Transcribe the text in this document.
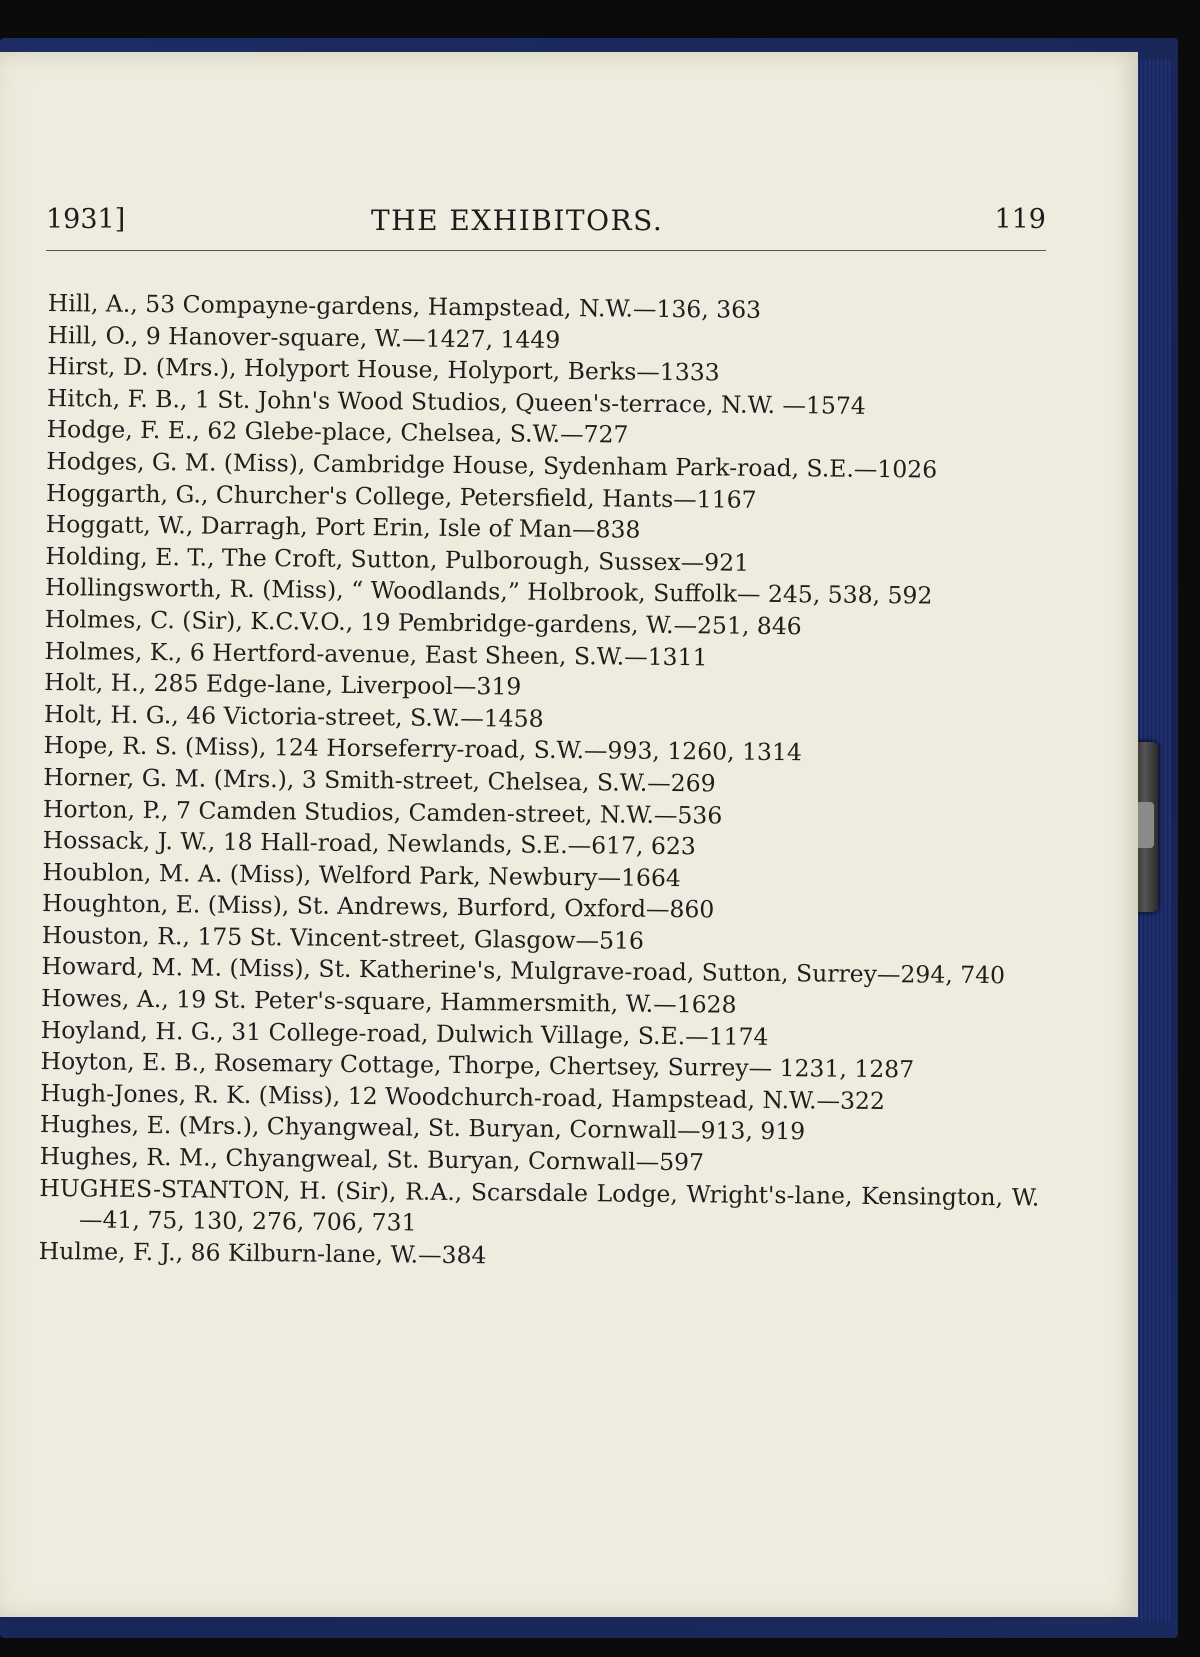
1931]	THE EXHIBITORS.	119
Hill, A., 53 Compayne-gardens, Hampstead, N.W.—136, 363
Hill, O., 9 Hanover-square, W.—1427, 1449
Hirst, D. (Mrs.), Holyport House, Holyport, Berks—1333
Hitch, F. B., 1 St. John's Wood Studios, Queen's-terrace, N.W. —1574
Hodge, F. E., 62 Glebe-place, Chelsea, S.W.—727
Hodges, G. M. (Miss), Cambridge House, Sydenham Park-road, S.E.—1026
Hoggarth, G., Churcher's College, Petersfield, Hants—1167
Hoggatt, W., Darragh, Port Erin, Isle of Man—838
Holding, E. T., The Croft, Sutton, Pulborough, Sussex—921
Hollingsworth, R. (Miss), “ Woodlands,” Holbrook, Suffolk— 245, 538, 592
Holmes, C. (Sir), K.C.V.O., 19 Pembridge-gardens, W.—251, 846
Holmes, K., 6 Hertford-avenue, East Sheen, S.W.—1311
Holt, H., 285 Edge-lane, Liverpool—319
Holt, H. G., 46 Victoria-street, S.W.—1458
Hope, R. S. (Miss), 124 Horseferry-road, S.W.—993, 1260, 1314
Horner, G. M. (Mrs.), 3 Smith-street, Chelsea, S.W.—269
Horton, P., 7 Camden Studios, Camden-street, N.W.—536
Hossack, J. W., 18 Hall-road, Newlands, S.E.—617, 623
Houblon, M. A. (Miss), Welford Park, Newbury—1664
Houghton, E. (Miss), St. Andrews, Burford, Oxford—860
Houston, R., 175 St. Vincent-street, Glasgow—516
Howard, M. M. (Miss), St. Katherine's, Mulgrave-road, Sutton, Surrey—294, 740
Howes, A., 19 St. Peter's-square, Hammersmith, W.—1628
Hoyland, H. G., 31 College-road, Dulwich Village, S.E.—1174
Hoyton, E. B., Rosemary Cottage, Thorpe, Chertsey, Surrey— 1231, 1287
Hugh-Jones, R. K. (Miss), 12 Woodchurch-road, Hampstead, N.W.—322
Hughes, E. (Mrs.), Chyangweal, St. Buryan, Cornwall—913, 919
Hughes, R. M., Chyangweal, St. Buryan, Cornwall—597
HUGHES-STANTON, H. (Sir), R.A., Scarsdale Lodge, Wright's-lane, Kensington, W.—41, 75, 130, 276, 706, 731
Hulme, F. J., 86 Kilburn-lane, W.—384
